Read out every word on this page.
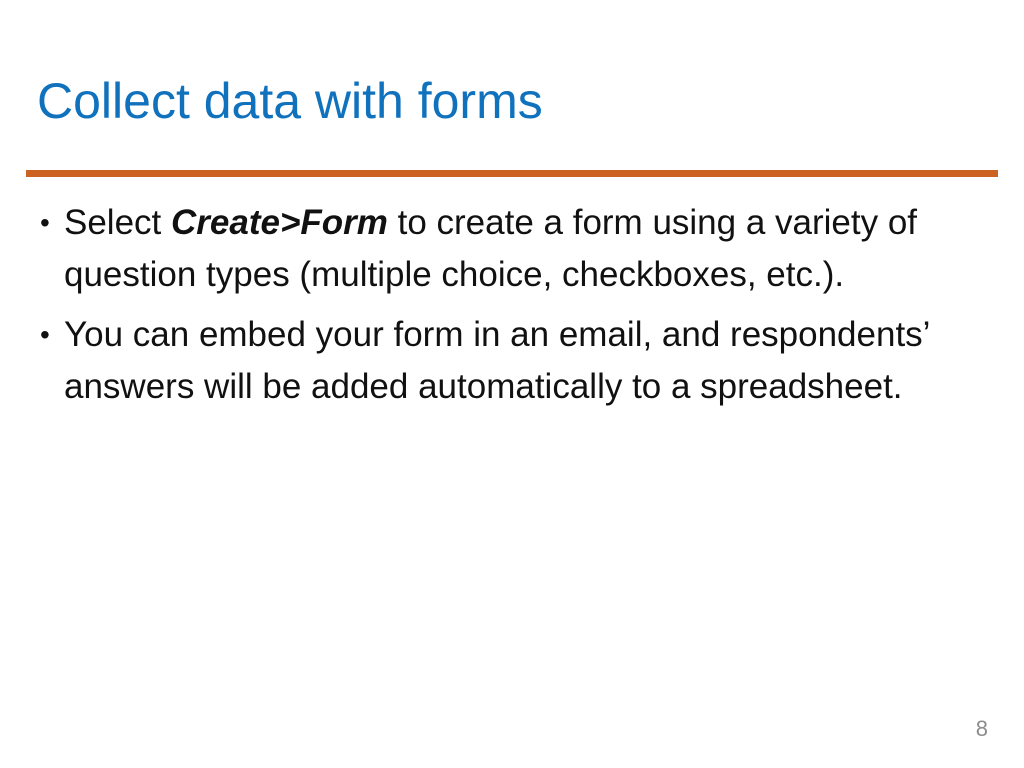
Collect data with forms
• Select Create>Form to create a form using a variety of question types (multiple choice, checkboxes, etc.).
• You can embed your form in an email, and respondents’ answers will be added automatically to a spreadsheet.
8
